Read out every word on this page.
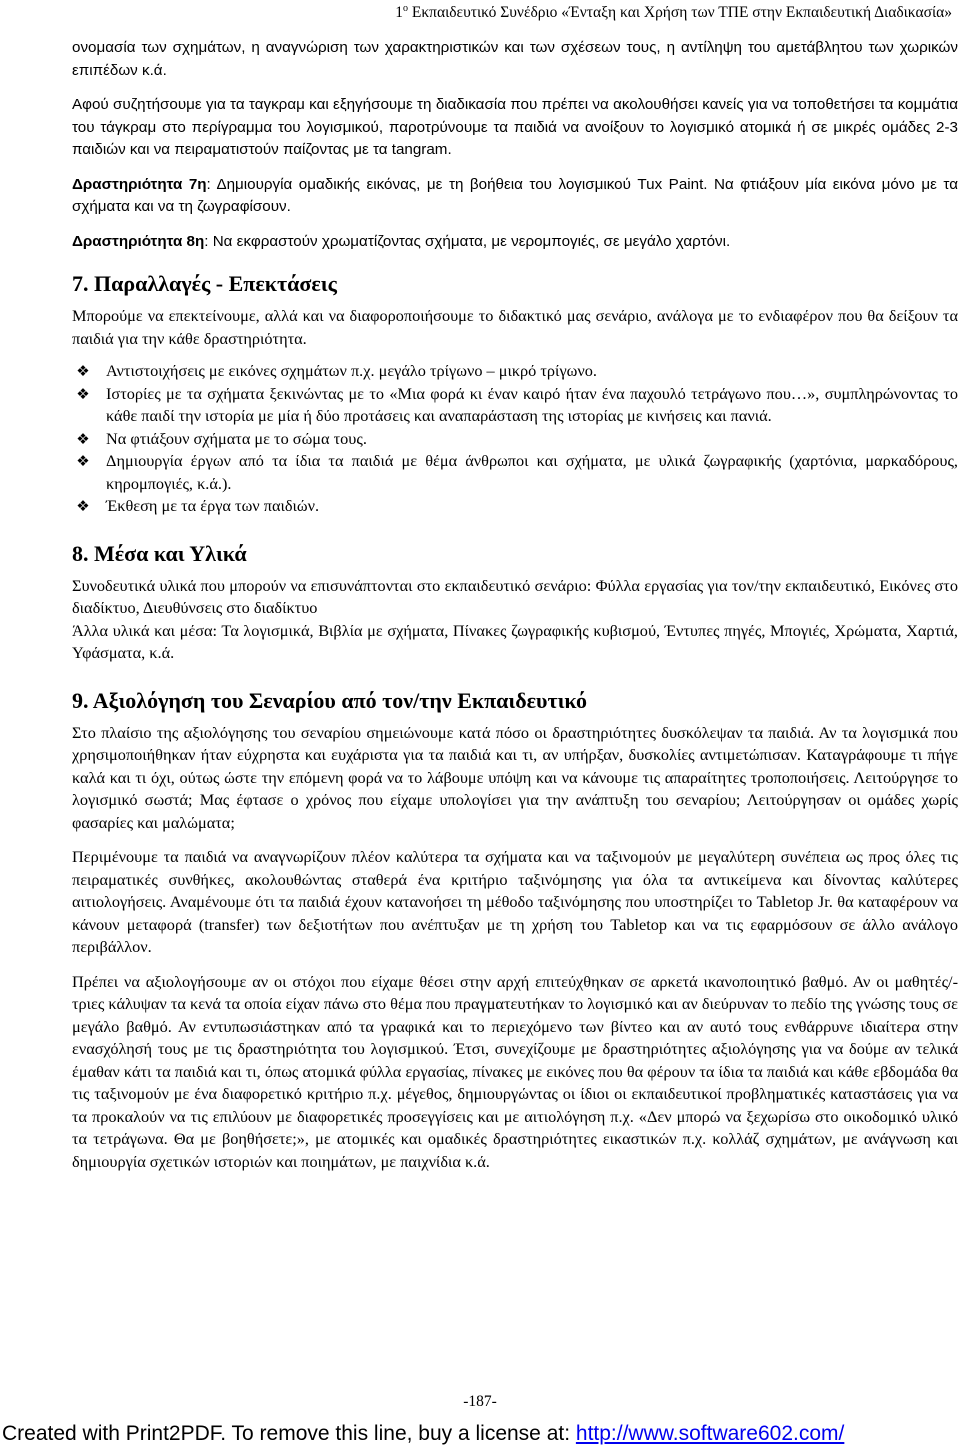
$1^o$ Εκπαιδευτικό Συνέδριο «Ένταξη και Χρήση των ΤΠΕ στην Εκπαιδευτική Διαδικασία»

ονομασία των σχημάτων, η αναγνώριση των χαρακτηριστικών και των σχέσεων τους, η αντίληψη του αμετάβλητου των χωρικών επιπέδων κ.ά.

Αφού συζητήσουμε για τα ταγκραμ και εξηγήσουμε τη διαδικασία που πρέπει να ακολουθήσει κανείς για να τοποθετήσει τα κομμάτια του τάγκραμ στο περίγραμμα του λογισμικού, παροτρύνουμε τα παιδιά να ανοίξουν το λογισμικό ατομικά ή σε μικρές ομάδες 2-3 παιδιών και να πειραματιστούν παίζοντας με τα tangram.

Δραστηριότητα 7η: Δημιουργία ομαδικής εικόνας, με τη βοήθεια του λογισμικού Tux Paint. Να φτιάξουν μία εικόνα μόνο με τα σχήματα και να τη ζωγραφίσουν.

Δραστηριότητα 8η: Να εκφραστούν χρωματίζοντας σχήματα, με νερομπογιές, σε μεγάλο χαρτόνι.

7. Παραλλαγές - Επεκτάσεις

Μπορούμε να επεκτείνουμε, αλλά και να διαφοροποιήσουμε το διδακτικό μας σενάριο, ανάλογα με το ενδιαφέρον που θα δείξουν τα παιδιά για την κάθε δραστηριότητα.

❖ Αντιστοιχήσεις με εικόνες σχημάτων π.χ. μεγάλο τρίγωνο – μικρό τρίγωνο.
❖ Ιστορίες με τα σχήματα ξεκινώντας με το «Μια φορά κι έναν καιρό ήταν ένα παχουλό τετράγωνο που…», συμπληρώνοντας το κάθε παιδί την ιστορία με μία ή δύο προτάσεις και αναπαράσταση της ιστορίας με κινήσεις και πανιά.
❖ Να φτιάξουν σχήματα με το σώμα τους.
❖ Δημιουργία έργων από τα ίδια τα παιδιά με θέμα άνθρωποι και σχήματα, με υλικά ζωγραφικής (χαρτόνια, μαρκαδόρους, κηρομπογιές, κ.ά.).
❖ Έκθεση με τα έργα των παιδιών.
8. Μέσα και Υλικά

Συνοδευτικά υλικά που μπορούν να επισυνάπτονται στο εκπαιδευτικό σενάριο: Φύλλα εργασίας για τον/την εκπαιδευτικό, Εικόνες στο διαδίκτυο, Διευθύνσεις στο διαδίκτυο

Άλλα υλικά και μέσα: Τα λογισμικά, Βιβλία με σχήματα, Πίνακες ζωγραφικής κυβισμού, Έντυπες πηγές, Μπογιές, Χρώματα, Χαρτιά, Υφάσματα, κ.ά.

9. Αξιολόγηση του Σεναρίου από τον/την Εκπαιδευτικό

Στο πλαίσιο της αξιολόγησης του σεναρίου σημειώνουμε κατά πόσο οι δραστηριότητες δυσκόλεψαν τα παιδιά. Αν τα λογισμικά που χρησιμοποιήθηκαν ήταν εύχρηστα και ευχάριστα για τα παιδιά και τι, αν υπήρξαν, δυσκολίες αντιμετώπισαν. Καταγράφουμε τι πήγε καλά και τι όχι, ούτως ώστε την επόμενη φορά να το λάβουμε υπόψη και να κάνουμε τις απαραίτητες τροποποιήσεις. Λειτούργησε το λογισμικό σωστά; Μας έφτασε ο χρόνος που είχαμε υπολογίσει για την ανάπτυξη του σεναρίου; Λειτούργησαν οι ομάδες χωρίς φασαρίες και μαλώματα;

Περιμένουμε τα παιδιά να αναγνωρίζουν πλέον καλύτερα τα σχήματα και να ταξινομούν με μεγαλύτερη συνέπεια ως προς όλες τις πειραματικές συνθήκες, ακολουθώντας σταθερά ένα κριτήριο ταξινόμησης για όλα τα αντικείμενα και δίνοντας καλύτερες αιτιολογήσεις. Αναμένουμε ότι τα παιδιά έχουν κατανοήσει τη μέθοδο ταξινόμησης που υποστηρίζει το Tabletop Jr. θα καταφέρουν να κάνουν μεταφορά (transfer) των δεξιοτήτων που ανέπτυξαν με τη χρήση του Tabletop και να τις εφαρμόσουν σε άλλο ανάλογο περιβάλλον.

Πρέπει να αξιολογήσουμε αν οι στόχοι που είχαμε θέσει στην αρχή επιτεύχθηκαν σε αρκετά ικανοποιητικό βαθμό. Αν οι μαθητές/-τριες κάλυψαν τα κενά τα οποία είχαν πάνω στο θέμα που πραγματευτήκαν το λογισμικό και αν διεύρυναν το πεδίο της γνώσης τους σε μεγάλο βαθμό. Αν εντυπωσιάστηκαν από τα γραφικά και το περιεχόμενο των βίντεο και αν αυτό τους ενθάρρυνε ιδιαίτερα στην ενασχόλησή τους με τις δραστηριότητα του λογισμικού. Έτσι, συνεχίζουμε με δραστηριότητες αξιολόγησης για να δούμε αν τελικά έμαθαν κάτι τα παιδιά και τι, όπως ατομικά φύλλα εργασίας, πίνακες με εικόνες που θα φέρουν τα ίδια τα παιδιά και κάθε εβδομάδα θα τις ταξινομούν με ένα διαφορετικό κριτήριο π.χ. μέγεθος, δημιουργώντας οι ίδιοι οι εκπαιδευτικοί προβληματικές καταστάσεις για να τα προκαλούν να τις επιλύουν με διαφορετικές προσεγγίσεις και με αιτιολόγηση π.χ. «Δεν μπορώ να ξεχωρίσω στο οικοδομικό υλικό τα τετράγωνα. Θα με βοηθήσετε;», με ατομικές και ομαδικές δραστηριότητες εικαστικών π.χ. κολλάζ σχημάτων, με ανάγνωση και δημιουργία σχετικών ιστοριών και ποιημάτων, με παιχνίδια κ.ά.

-187-
Created with Print2PDF. To remove this line, buy a license at: http://www.software602.com/
